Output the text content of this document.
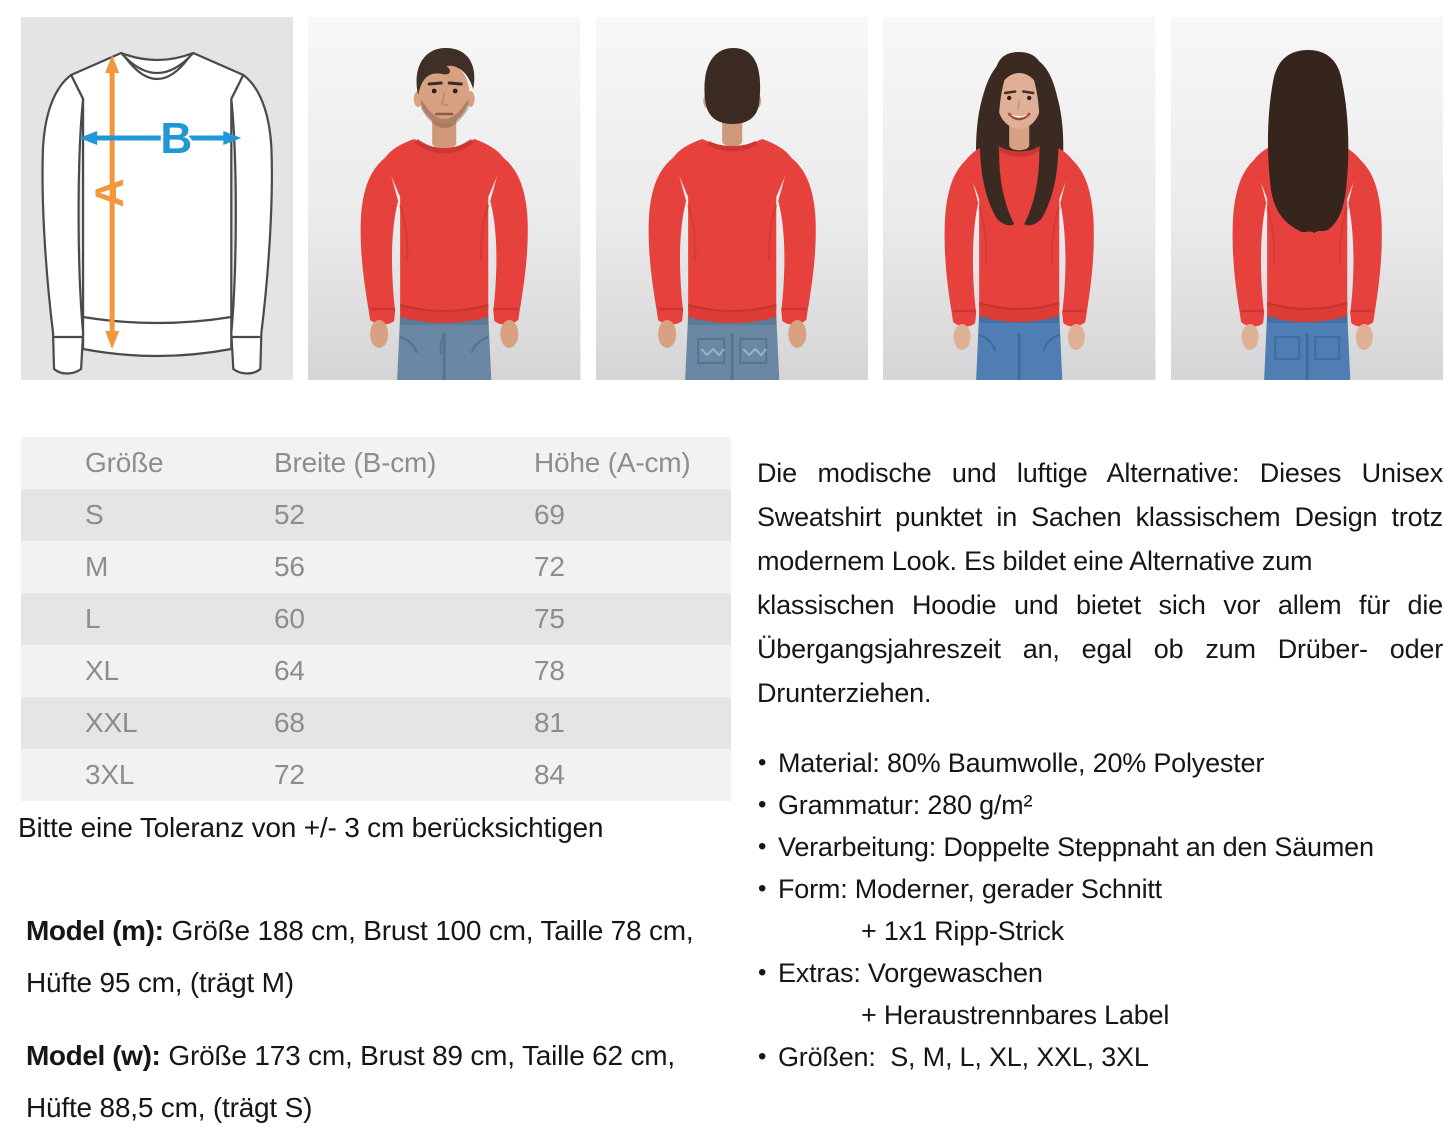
A
B
Größe	Breite (B-cm)	Höhe (A-cm)
S	52	69
M	56	72
L	60	75
XL	64	78
XXL	68	81
3XL	72	84
Bitte eine Toleranz von +/- 3 cm berücksichtigen
Model (m): Größe 188 cm, Brust 100 cm, Taille 78 cm,
Hüfte 95 cm, (trägt M)
Model (w): Größe 173 cm, Brust 89 cm, Taille 62 cm,
Hüfte 88,5 cm, (trägt S)
Die modische und luftige Alternative: Dieses Unisex
Sweatshirt punktet in Sachen klassischem Design trotz
modernem Look. Es bildet eine Alternative zum
klassischen Hoodie und bietet sich vor allem für die
Übergangsjahreszeit an, egal ob zum Drüber- oder
Drunterziehen.
• Material: 80% Baumwolle, 20% Polyester
• Grammatur: 280 g/m²
• Verarbeitung: Doppelte Steppnaht an den Säumen
• Form: Moderner, gerader Schnitt
+ 1x1 Ripp-Strick
• Extras: Vorgewaschen
+ Heraustrennbares Label
• Größen:  S, M, L, XL, XXL, 3XL
